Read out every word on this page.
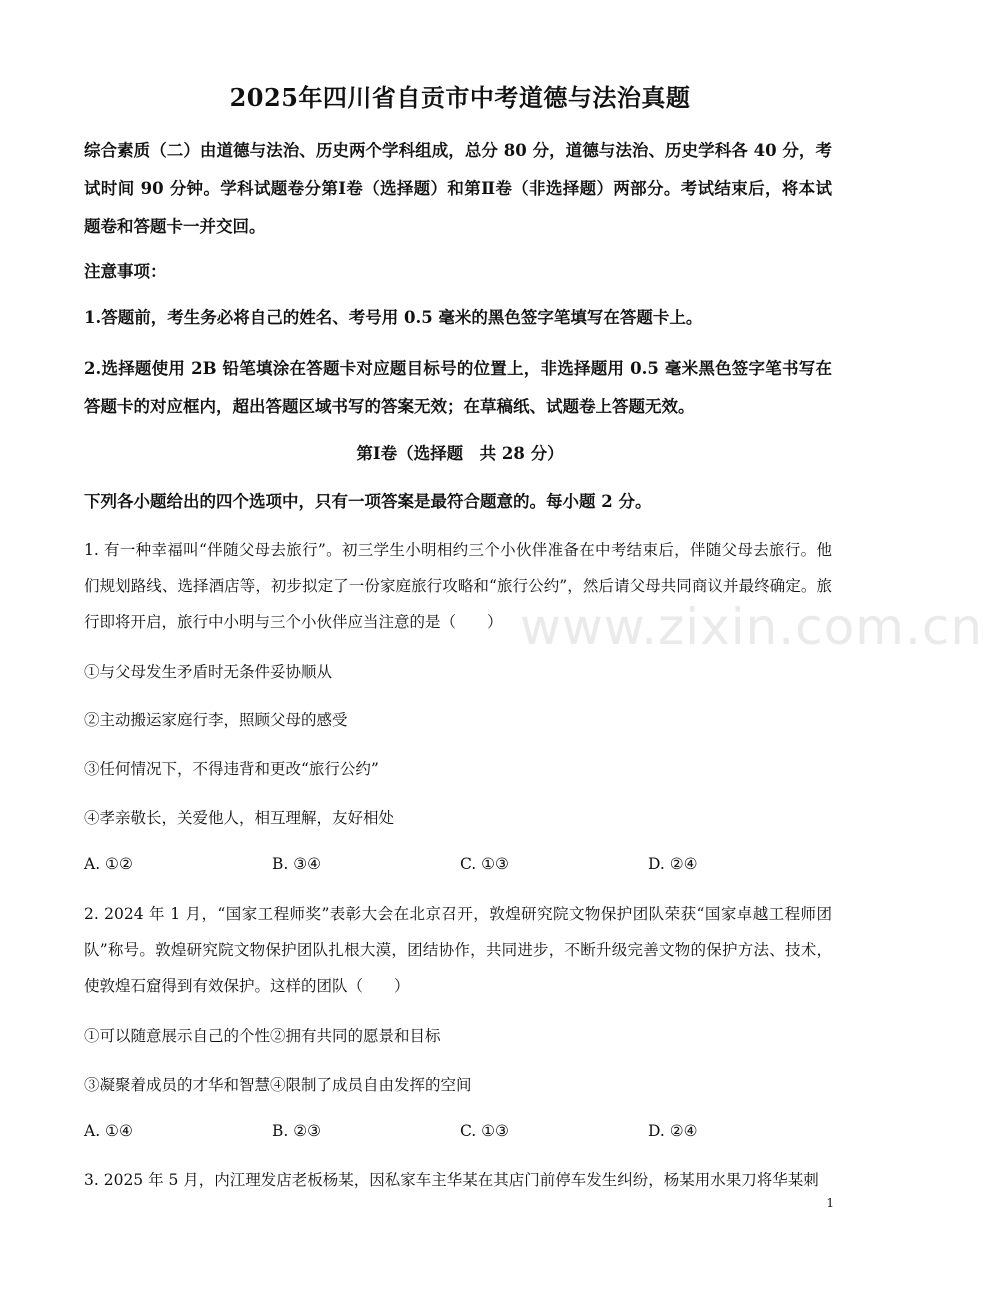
www.zixin.com.cn
2025年四川省自贡市中考道德与法治真题
综合素质（二）由道德与法治、历史两个学科组成，总分 80 分，道德与法治、历史学科各 40 分，考试时间 90 分钟。学科试题卷分第Ⅰ卷（选择题）和第Ⅱ卷（非选择题）两部分。考试结束后，将本试题卷和答题卡一并交回。
注意事项：
1.答题前，考生务必将自己的姓名、考号用 0.5 毫米的黑色签字笔填写在答题卡上。
2.选择题使用 2B 铅笔填涂在答题卡对应题目标号的位置上，非选择题用 0.5 毫米黑色签字笔书写在答题卡的对应框内，超出答题区域书写的答案无效；在草稿纸、试题卷上答题无效。
第Ⅰ卷（选择题　共 28 分）
下列各小题给出的四个选项中，只有一项答案是最符合题意的。每小题 2 分。
1. 有一种幸福叫“伴随父母去旅行”。初三学生小明相约三个小伙伴准备在中考结束后，伴随父母去旅行。他们规划路线、选择酒店等，初步拟定了一份家庭旅行攻略和“旅行公约”，然后请父母共同商议并最终确定。旅行即将开启，旅行中小明与三个小伙伴应当注意的是（　　）
①与父母发生矛盾时无条件妥协顺从
②主动搬运家庭行李，照顾父母的感受
③任何情况下，不得违背和更改“旅行公约”
④孝亲敬长，关爱他人，相互理解，友好相处
A. ①②	B. ③④	C. ①③	D. ②④
2. 2024 年 1 月，“国家工程师奖”表彰大会在北京召开，敦煌研究院文物保护团队荣获“国家卓越工程师团队”称号。敦煌研究院文物保护团队扎根大漠，团结协作，共同进步，不断升级完善文物的保护方法、技术，使敦煌石窟得到有效保护。这样的团队（　　）
①可以随意展示自己的个性②拥有共同的愿景和目标
③凝聚着成员的才华和智慧④限制了成员自由发挥的空间
A. ①④	B. ②③	C. ①③	D. ②④
3. 2025 年 5 月，内江理发店老板杨某，因私家车主华某在其店门前停车发生纠纷，杨某用水果刀将华某刺
1
